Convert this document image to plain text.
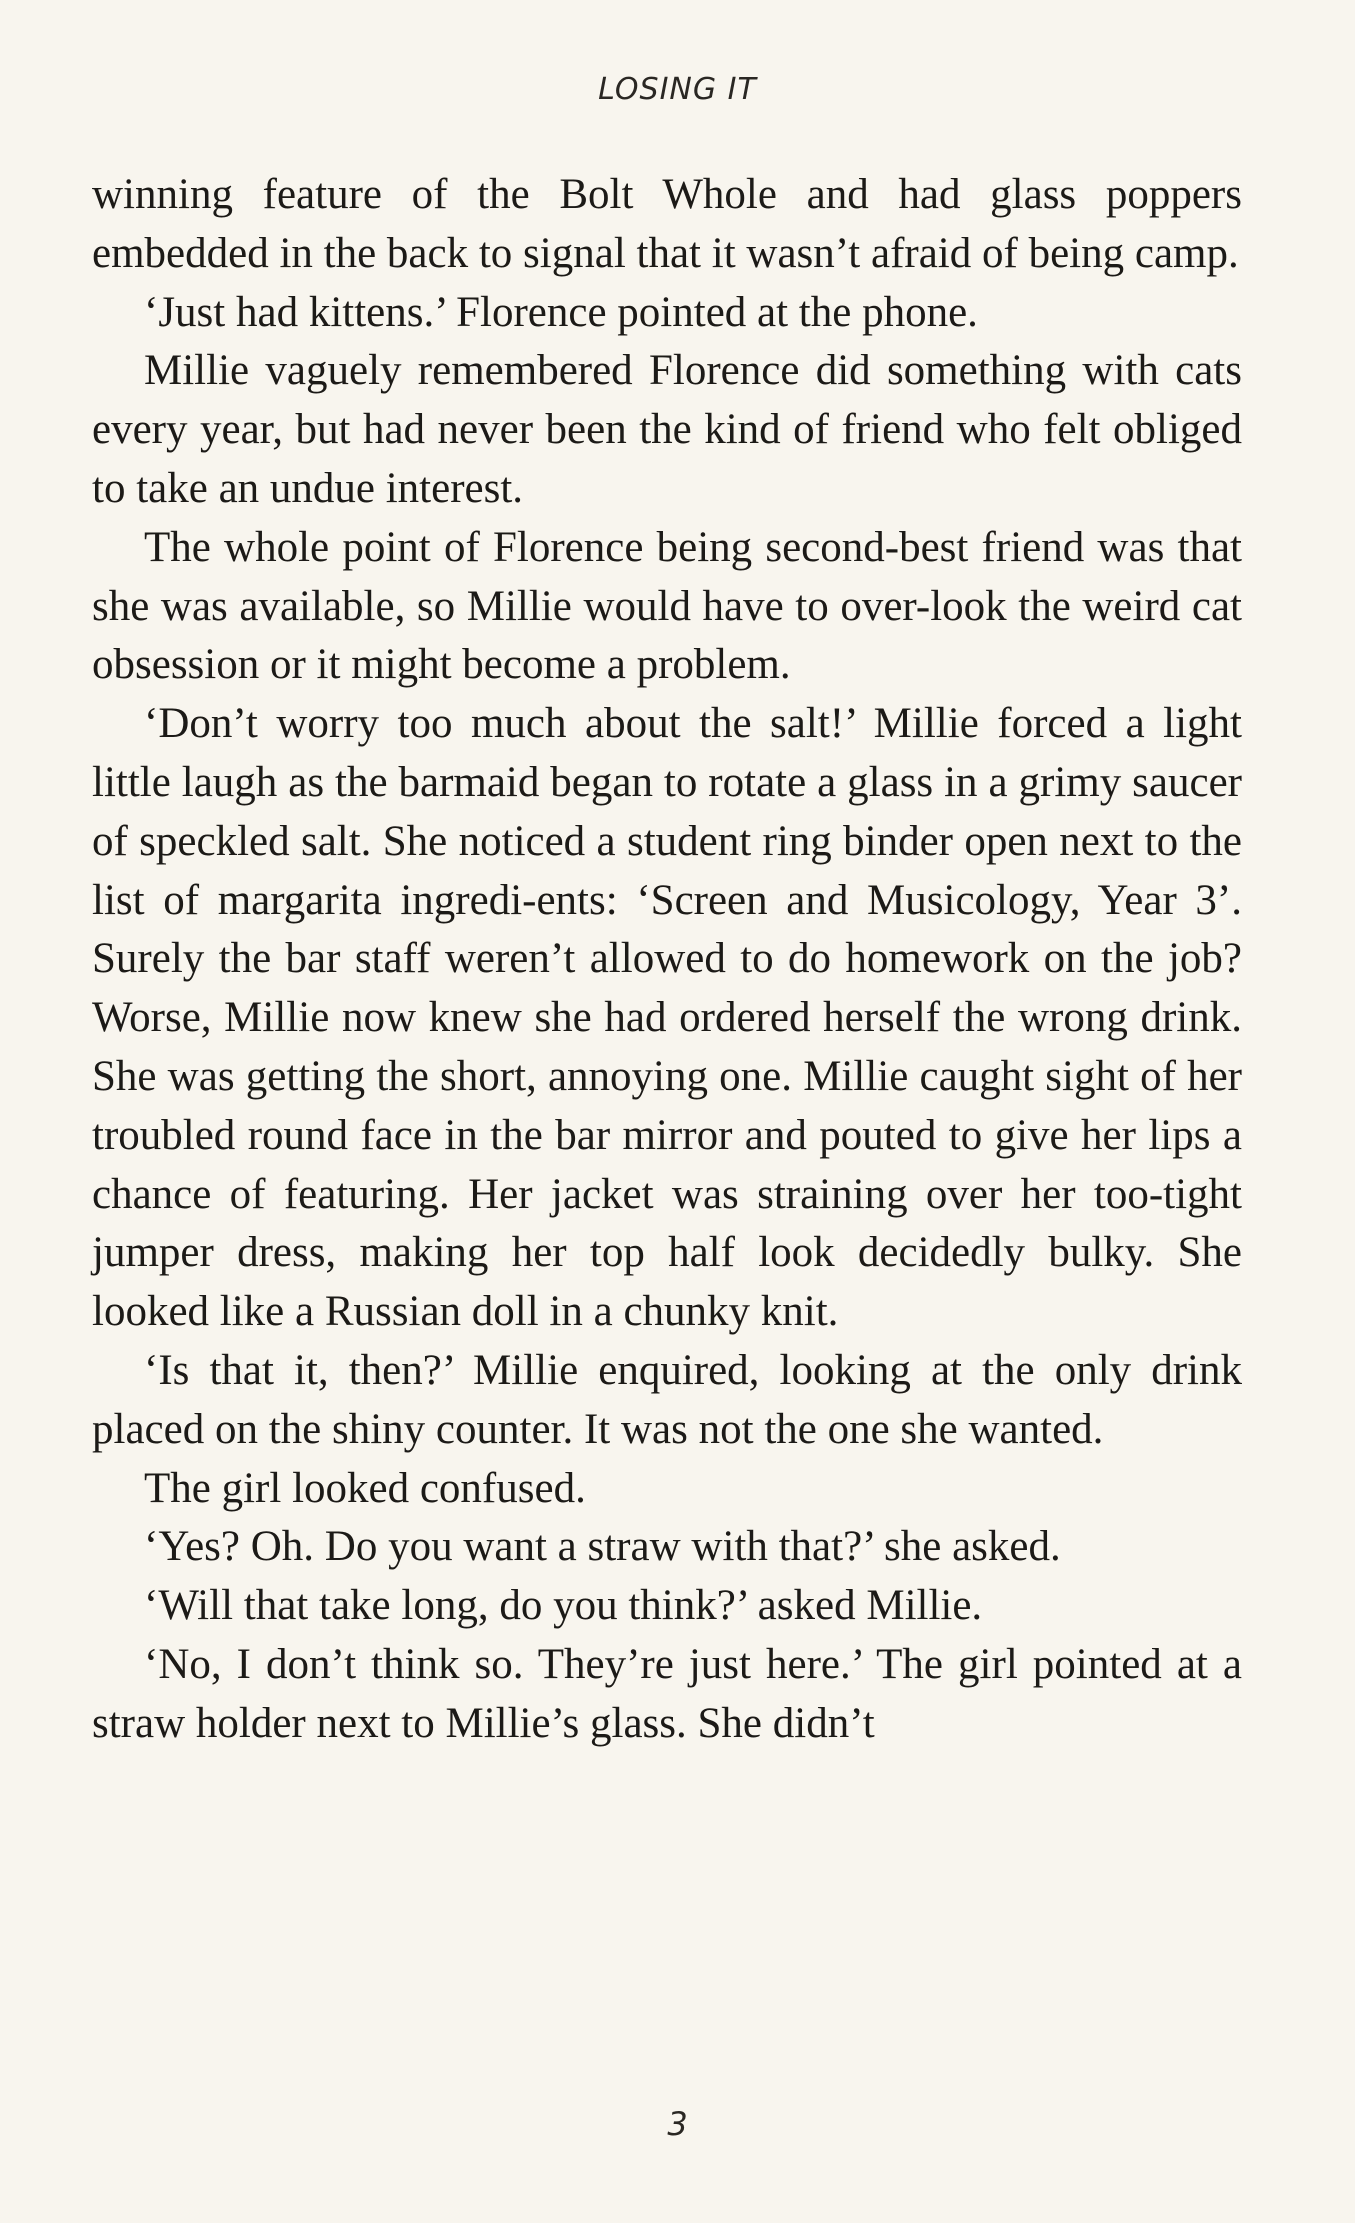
LOSING IT

winning feature of the Bolt Whole and had glass poppers embedded in the back to signal that it wasn’t afraid of being camp.

‘Just had kittens.’ Florence pointed at the phone.

Millie vaguely remembered Florence did something with cats every year, but had never been the kind of friend who felt obliged to take an undue interest.

The whole point of Florence being second-best friend was that she was available, so Millie would have to over-look the weird cat obsession or it might become a problem.

‘Don’t worry too much about the salt!’ Millie forced a light little laugh as the barmaid began to rotate a glass in a grimy saucer of speckled salt. She noticed a student ring binder open next to the list of margarita ingredi-ents: ‘Screen and Musicology, Year 3’. Surely the bar staff weren’t allowed to do homework on the job? Worse, Millie now knew she had ordered herself the wrong drink. She was getting the short, annoying one. Millie caught sight of her troubled round face in the bar mirror and pouted to give her lips a chance of featuring. Her jacket was straining over her too-tight jumper dress, making her top half look decidedly bulky. She looked like a Russian doll in a chunky knit.

‘Is that it, then?’ Millie enquired, looking at the only drink placed on the shiny counter. It was not the one she wanted.

The girl looked confused.

‘Yes? Oh. Do you want a straw with that?’ she asked.

‘Will that take long, do you think?’ asked Millie.

‘No, I don’t think so. They’re just here.’ The girl pointed at a straw holder next to Millie’s glass. She didn’t

3
